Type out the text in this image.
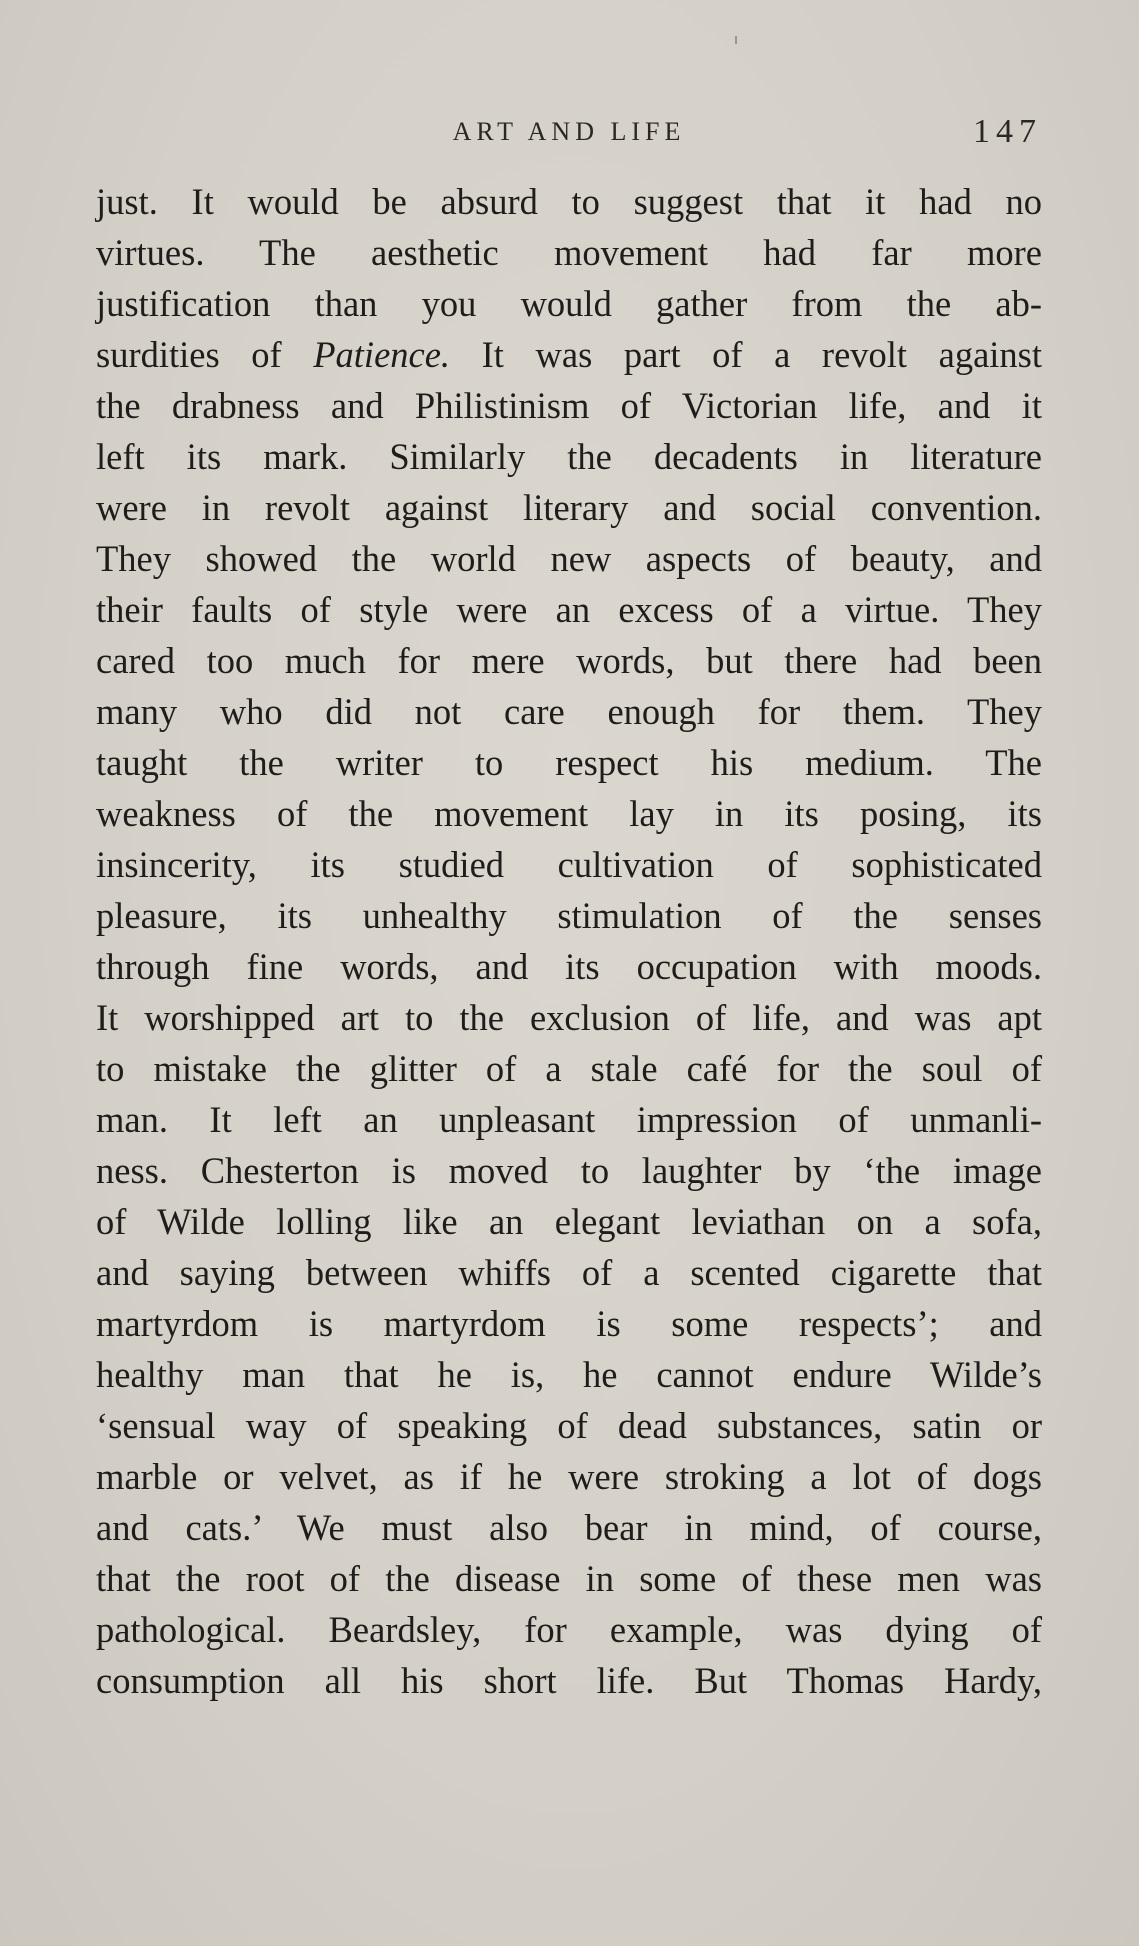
ART AND LIFE	147
just. It would be absurd to suggest that it had no
virtues. The aesthetic movement had far more
justification than you would gather from the ab-
surdities of Patience. It was part of a revolt against
the drabness and Philistinism of Victorian life, and it
left its mark. Similarly the decadents in literature
were in revolt against literary and social convention.
They showed the world new aspects of beauty, and
their faults of style were an excess of a virtue. They
cared too much for mere words, but there had been
many who did not care enough for them. They
taught the writer to respect his medium. The
weakness of the movement lay in its posing, its
insincerity, its studied cultivation of sophisticated
pleasure, its unhealthy stimulation of the senses
through fine words, and its occupation with moods.
It worshipped art to the exclusion of life, and was apt
to mistake the glitter of a stale café for the soul of
man. It left an unpleasant impression of unmanli-
ness. Chesterton is moved to laughter by ‘the image
of Wilde lolling like an elegant leviathan on a sofa,
and saying between whiffs of a scented cigarette that
martyrdom is martyrdom is some respects’; and
healthy man that he is, he cannot endure Wilde’s
‘sensual way of speaking of dead substances, satin or
marble or velvet, as if he were stroking a lot of dogs
and cats.’ We must also bear in mind, of course,
that the root of the disease in some of these men was
pathological. Beardsley, for example, was dying of
consumption all his short life. But Thomas Hardy,
